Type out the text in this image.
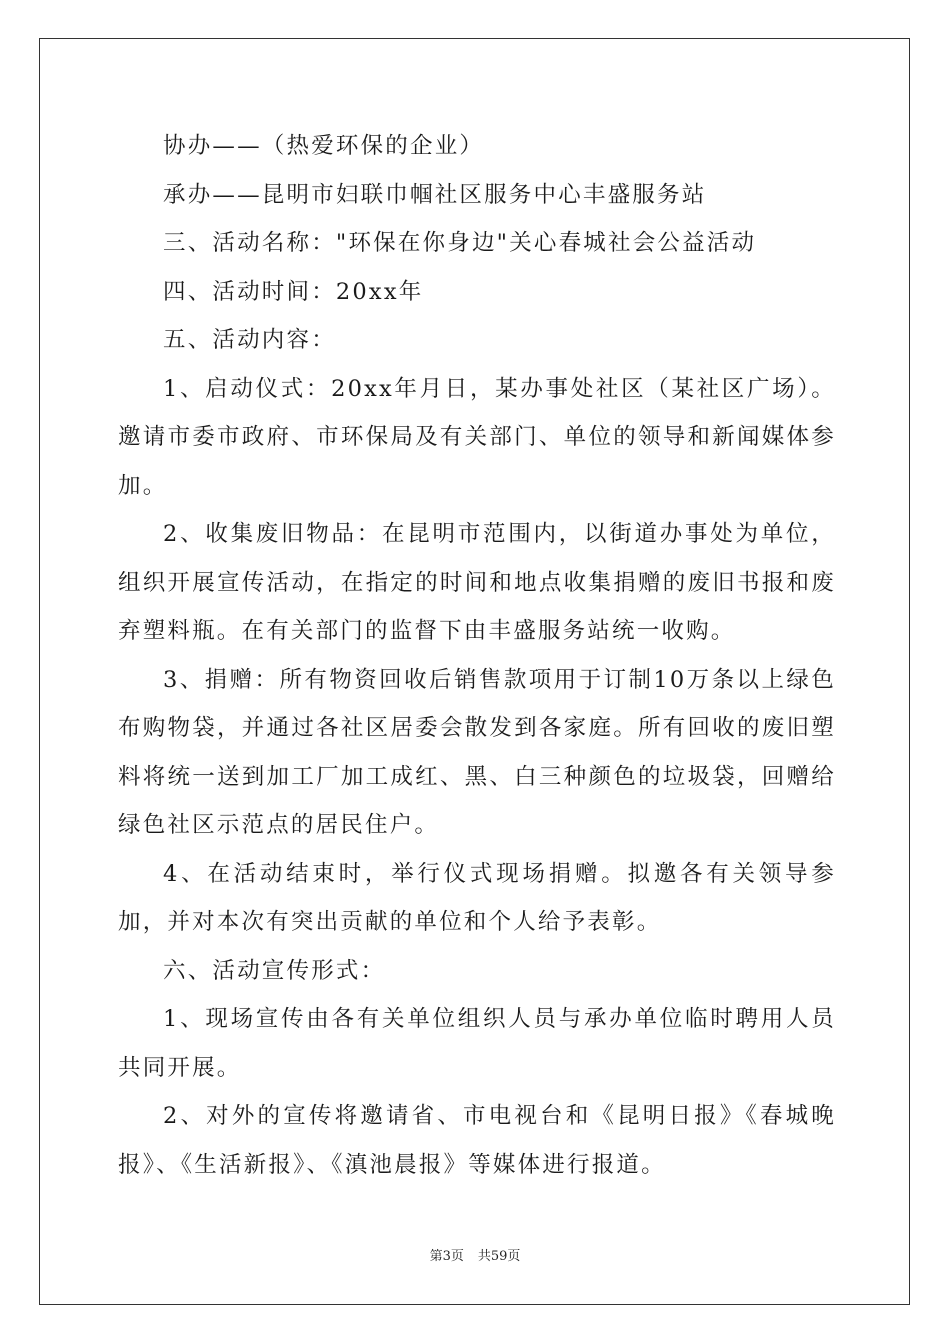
协办——（热爱环保的企业）

承办——昆明市妇联巾帼社区服务中心丰盛服务站

三、活动名称："环保在你身边"关心春城社会公益活动

四、活动时间：20xx年

五、活动内容：

1、启动仪式：20xx年月日，某办事处社区（某社区广场）。邀请市委市政府、市环保局及有关部门、单位的领导和新闻媒体参加。

2、收集废旧物品：在昆明市范围内，以街道办事处为单位，组织开展宣传活动，在指定的时间和地点收集捐赠的废旧书报和废弃塑料瓶。在有关部门的监督下由丰盛服务站统一收购。

3、捐赠：所有物资回收后销售款项用于订制10万条以上绿色布购物袋，并通过各社区居委会散发到各家庭。所有回收的废旧塑料将统一送到加工厂加工成红、黑、白三种颜色的垃圾袋，回赠给绿色社区示范点的居民住户。

4、在活动结束时，举行仪式现场捐赠。拟邀各有关领导参加，并对本次有突出贡献的单位和个人给予表彰。

六、活动宣传形式：

1、现场宣传由各有关单位组织人员与承办单位临时聘用人员共同开展。

2、对外的宣传将邀请省、市电视台和《昆明日报》《春城晚报》、《生活新报》、《滇池晨报》等媒体进行报道。

第3页 共59页
